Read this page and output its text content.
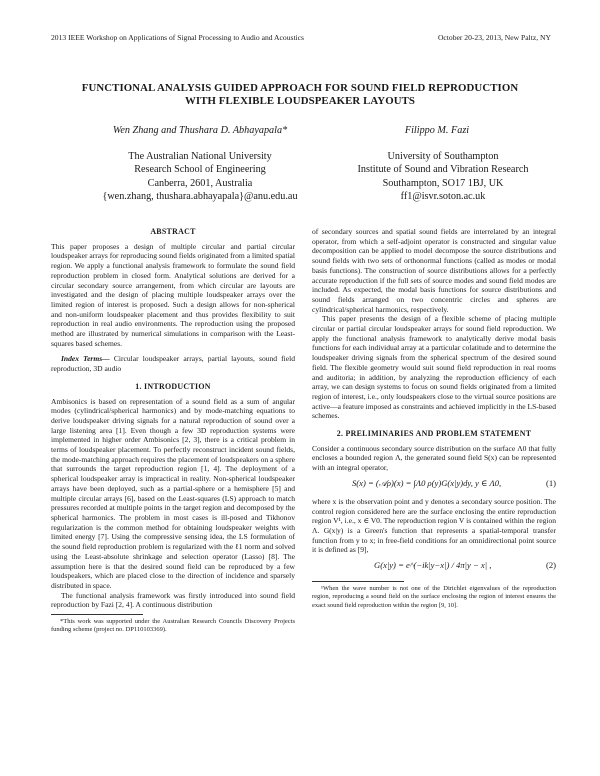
2013 IEEE Workshop on Applications of Signal Processing to Audio and Acoustics	October 20-23, 2013, New Paltz, NY
FUNCTIONAL ANALYSIS GUIDED APPROACH FOR SOUND FIELD REPRODUCTION
WITH FLEXIBLE LOUDSPEAKER LAYOUTS
Wen Zhang and Thushara D. Abhayapala*	Filippo M. Fazi
The Australian National University
Research School of Engineering
Canberra, 2601, Australia
{wen.zhang, thushara.abhayapala}@anu.edu.au
University of Southampton
Institute of Sound and Vibration Research
Southampton, SO17 1BJ, UK
ff1@isvr.soton.ac.uk
ABSTRACT

This paper proposes a design of multiple circular and partial circular loudspeaker arrays for reproducing sound fields originated from a limited spatial region. We apply a functional analysis framework to formulate the sound field reproduction problem in closed form. Analytical solutions are derived for a circular secondary source arrangement, from which circular are layouts are investigated and the design of placing multiple loudspeaker arrays over the limited region of interest is proposed. Such a design allows for non-spherical and non-uniform loudspeaker placement and thus provides flexibility to suit reproduction in real audio environments. The reproduction using the proposed method are illustrated by numerical simulations in comparison with the Least-squares based schemes.

Index Terms— Circular loudspeaker arrays, partial layouts, sound field reproduction, 3D audio

1. INTRODUCTION

Ambisonics is based on representation of a sound field as a sum of angular modes (cylindrical/spherical harmonics) and by mode-matching equations to derive loudspeaker driving signals for a natural reproduction of sound over a large listening area [1]. Even though a few 3D reproduction systems were implemented in higher order Ambisonics [2, 3], there is a critical problem in terms of loudspeaker placement. To perfectly reconstruct incident sound fields, the mode-matching approach requires the placement of loudspeakers on a sphere that surrounds the target reproduction region [1, 4]. The deployment of a spherical loudspeaker array is impractical in reality. Non-spherical loudspeaker arrays have been deployed, such as a partial-sphere or a hemisphere [5] and multiple circular arrays [6], based on the Least-squares (LS) approach to match pressures recorded at multiple points in the target region and decomposed by the spherical harmonics. The problem in most cases is ill-posed and Tikhonov regularization is the common method for obtaining loudspeaker weights with limited energy [7]. Using the compressive sensing idea, the LS formulation of the sound field reproduction problem is regularized with the ℓ1 norm and solved using the Least-absolute shrinkage and selection operator (Lasso) [8]. The assumption here is that the desired sound field can be reproduced by a few loudspeakers, which are placed close to the direction of incidence and sparsely distributed in space.

The functional analysis framework was firstly introduced into sound field reproduction by Fazi [2, 4]. A continuous distribution

*This work was supported under the Australian Research Councils Discovery Projects funding scheme (project no. DP110103369).

of secondary sources and spatial sound fields are interrelated by an integral operator, from which a self-adjoint operator is constructed and singular value decomposition can be applied to model decompose the source distributions and sound fields with two sets of orthonormal functions (called as modes or modal basis functions). The construction of source distributions allows for a perfectly accurate reproduction if the full sets of source modes and sound field modes are included. As expected, the modal basis functions for source distributions and sound fields arranged on two concentric circles and spheres are cylindrical/spherical harmonics, respectively.

This paper presents the design of a flexible scheme of placing multiple circular or partial circular loudspeaker arrays for sound field reproduction. We apply the functional analysis framework to analytically derive modal basis functions for each individual array at a particular colatitude and to determine the loudspeaker driving signals from the spherical spectrum of the desired sound field. The flexible geometry would suit sound field reproduction in real rooms and auditoria; in addition, by analyzing the reproduction efficiency of each array, we can design systems to focus on sound fields originated from a limited region of interest, i.e., only loudspeakers close to the virtual source positions are active—a feature imposed as constraints and achieved implicitly in the LS-based schemes.

2. PRELIMINARIES AND PROBLEM STATEMENT

Consider a continuous secondary source distribution on the surface Λ0 that fully encloses a bounded region Λ, the generated sound field S(x) can be represented with an integral operator,

S(x) = (𝒜ρ)(x) = ∫Λ0 ρ(y)G(x|y)dy, y ∈ Λ0,	(1)

where x is the observation point and y denotes a secondary source position. The control region considered here are the surface enclosing the entire reproduction region V¹, i.e., x ∈ V0. The reproduction region V is contained within the region Λ. G(x|y) is a Green's function that represents a spatial-temporal transfer function from y to x; in free-field conditions for an omnidirectional point source it is defined as [9],

G(x|y) = e^(−ik|y−x|) / 4π|y − x| ,	(2)
¹When the wave number is not one of the Dirichlet eigenvalues of the reproduction region, reproducing a sound field on the surface enclosing the region of interest ensures the exact sound field reproduction within the region [9, 10].
